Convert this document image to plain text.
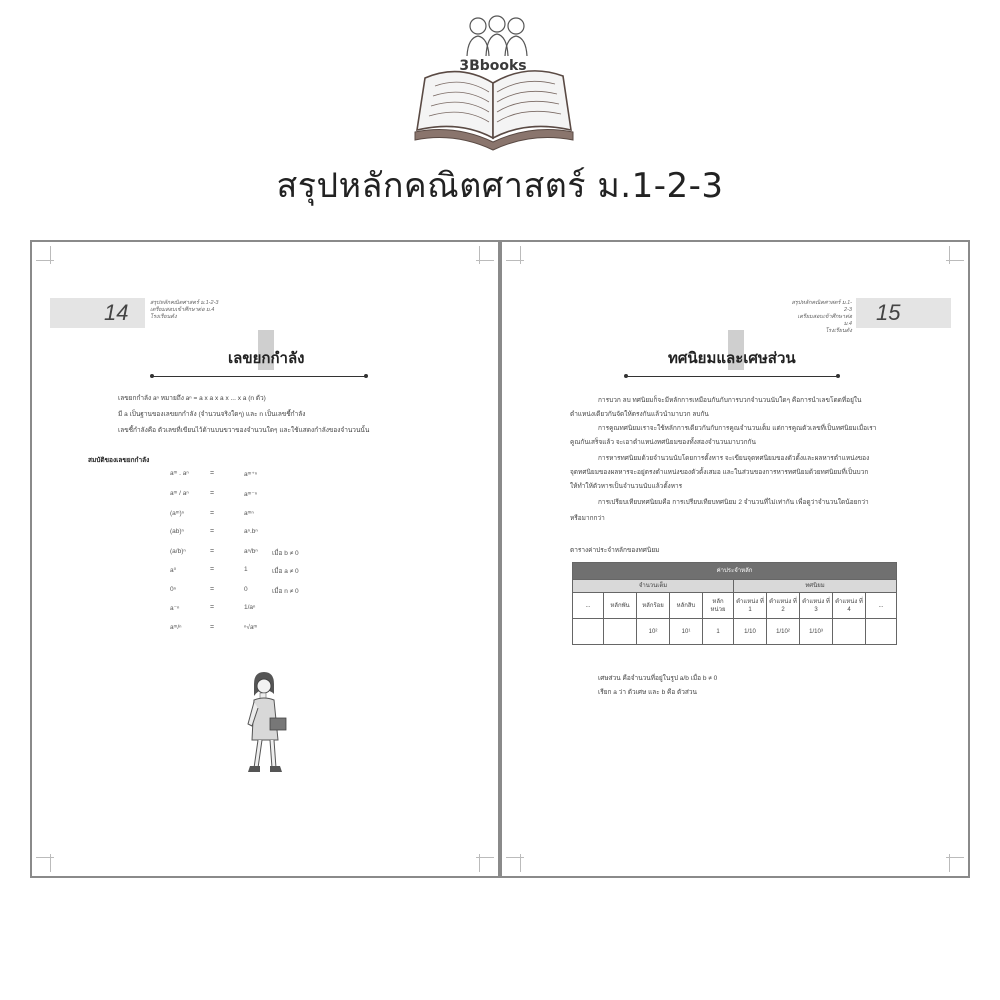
3Bbooks
สรุปหลักคณิตศาสตร์ ม.1-2-3
14	สรุปหลักคณิตศาสตร์ ม.1-2-3
เตรียมสอบเข้าศึกษาต่อ ม.4
โรงเรียนดัง
เลขยกกำลัง
เลขยกกำลัง aⁿ หมายถึง aⁿ = a x a x a x ... x a (n ตัว)
มี a เป็นฐานของเลขยกกำลัง (จำนวนจริงใดๆ) และ n เป็นเลขชี้กำลัง
เลขชี้กำลังคือ ตัวเลขที่เขียนไว้ด้านบนขวาของจำนวนใดๆ และใช้แสดงกำลังของจำนวนนั้น
สมบัติของเลขยกกำลัง
aᵐ . aⁿ	=	aᵐ⁺ⁿ
aᵐ / aⁿ	=	aᵐ⁻ⁿ
(aᵐ)ⁿ	=	aᵐⁿ
(ab)ⁿ	=	aⁿ.bⁿ
(a/b)ⁿ	=	aⁿ/bⁿ เมื่อ b ≠ 0
a⁰	=	1	เมื่อ a ≠ 0
0ⁿ	=	0	เมื่อ n ≠ 0
a⁻ⁿ	=	1/aⁿ
aᵐ/ⁿ	=	ⁿ√aᵐ
15
สรุปหลักคณิตศาสตร์ ม.1-2-3
เตรียมสอบเข้าศึกษาต่อ ม.4
โรงเรียนดัง
ทศนิยมและเศษส่วน
การบวก ลบ ทศนิยมก็จะมีหลักการเหมือนกันกับการบวกจำนวนนับใดๆ คือการนำเลขโดดที่อยู่ใน
ตำแหน่งเดียวกันจัดให้ตรงกันแล้วนำมาบวก ลบกัน
การคูณทศนิยมเราจะใช้หลักการเดียวกันกับการคูณจำนวนเต็ม แต่การคูณตัวเลขที่เป็นทศนิยมเมื่อเรา
คูณกันเสร็จแล้ว จะเอาตำแหน่งทศนิยมของทั้งสองจำนวนมาบวกกัน
การหารทศนิยมด้วยจำนวนนับโดยการตั้งหาร จะเขียนจุดทศนิยมของตัวตั้งและผลหารตำแหน่งของ
จุดทศนิยมของผลหารจะอยู่ตรงตำแหน่งของตัวตั้งเสมอ และในส่วนของการหารทศนิยมด้วยทศนิยมที่เป็นบวก
ให้ทำให้ตัวหารเป็นจำนวนนับแล้วตั้งหาร
การเปรียบเทียบทศนิยมคือ การเปรียบเทียบทศนิยม 2 จำนวนที่ไม่เท่ากัน เพื่อดูว่าจำนวนใดน้อยกว่า
หรือมากกว่า
ตารางค่าประจำหลักของทศนิยม
ค่าประจำหลัก									
จำนวนเต็ม					ทศนิยม				
...	หลักพัน	หลักร้อย	หลักสิบ	หลัก หน่วย	ตำแหน่ง ที่ 1	ตำแหน่ง ที่ 2	ตำแหน่ง ที่ 3	ตำแหน่ง ที่ 4	...
		10²	10¹	1	1/10	1/10²	1/10³		
เศษส่วน คือจำนวนที่อยู่ในรูป a/b เมื่อ b ≠ 0
เรียก a ว่า ตัวเศษ และ b คือ ตัวส่วน
